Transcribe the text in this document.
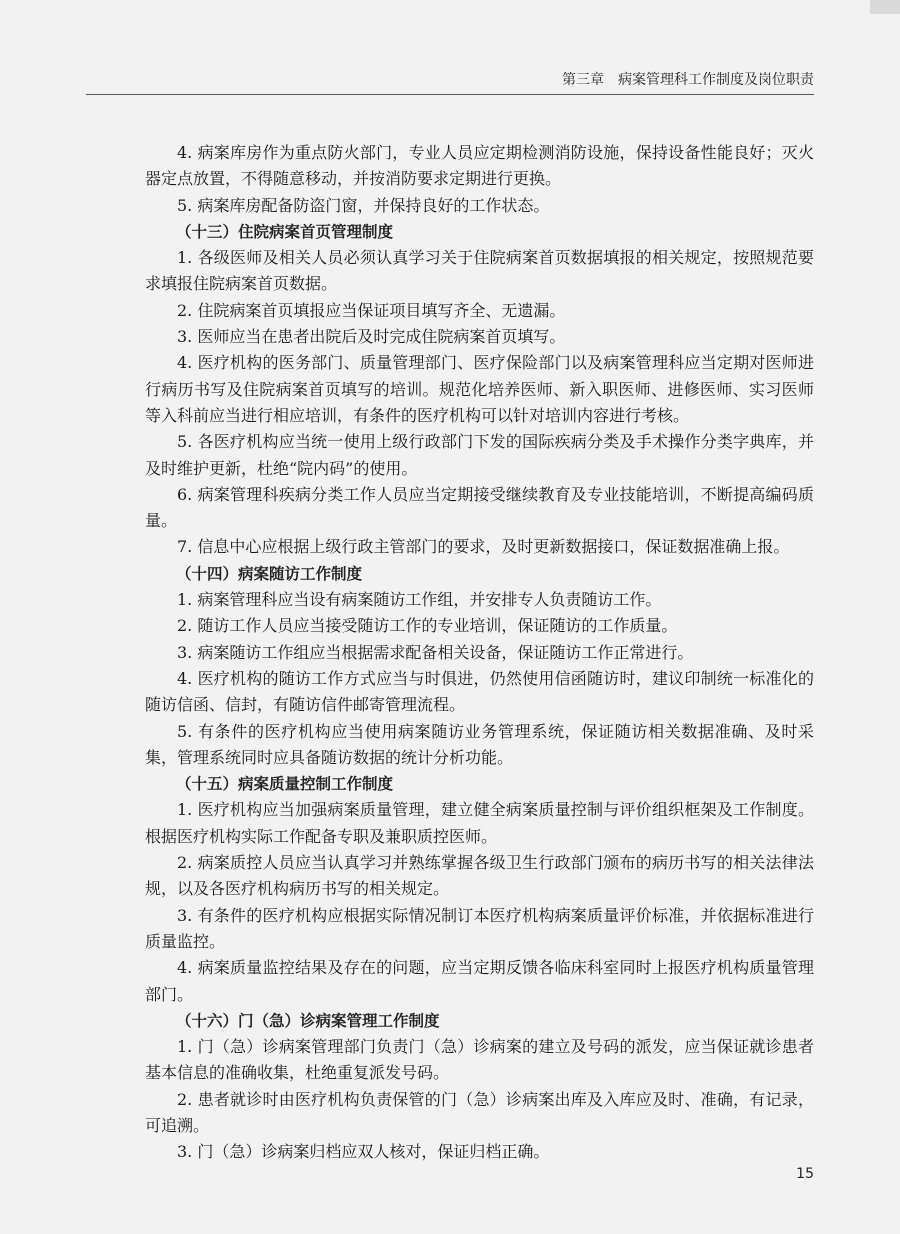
第三章 病案管理科工作制度及岗位职责

4. 病案库房作为重点防火部门，专业人员应定期检测消防设施，保持设备性能良好；灭火器定点放置，不得随意移动，并按消防要求定期进行更换。

5. 病案库房配备防盗门窗，并保持良好的工作状态。

（十三）住院病案首页管理制度

1. 各级医师及相关人员必须认真学习关于住院病案首页数据填报的相关规定，按照规范要求填报住院病案首页数据。

2. 住院病案首页填报应当保证项目填写齐全、无遗漏。

3. 医师应当在患者出院后及时完成住院病案首页填写。

4. 医疗机构的医务部门、质量管理部门、医疗保险部门以及病案管理科应当定期对医师进行病历书写及住院病案首页填写的培训。规范化培养医师、新入职医师、进修医师、实习医师等入科前应当进行相应培训，有条件的医疗机构可以针对培训内容进行考核。

5. 各医疗机构应当统一使用上级行政部门下发的国际疾病分类及手术操作分类字典库，并及时维护更新，杜绝“院内码”的使用。

6. 病案管理科疾病分类工作人员应当定期接受继续教育及专业技能培训，不断提高编码质量。

7. 信息中心应根据上级行政主管部门的要求，及时更新数据接口，保证数据准确上报。

（十四）病案随访工作制度

1. 病案管理科应当设有病案随访工作组，并安排专人负责随访工作。

2. 随访工作人员应当接受随访工作的专业培训，保证随访的工作质量。

3. 病案随访工作组应当根据需求配备相关设备，保证随访工作正常进行。

4. 医疗机构的随访工作方式应当与时俱进，仍然使用信函随访时，建议印制统一标准化的随访信函、信封，有随访信件邮寄管理流程。

5. 有条件的医疗机构应当使用病案随访业务管理系统，保证随访相关数据准确、及时采集，管理系统同时应具备随访数据的统计分析功能。

（十五）病案质量控制工作制度

1. 医疗机构应当加强病案质量管理，建立健全病案质量控制与评价组织框架及工作制度。根据医疗机构实际工作配备专职及兼职质控医师。

2. 病案质控人员应当认真学习并熟练掌握各级卫生行政部门颁布的病历书写的相关法律法规，以及各医疗机构病历书写的相关规定。

3. 有条件的医疗机构应根据实际情况制订本医疗机构病案质量评价标准，并依据标准进行质量监控。

4. 病案质量监控结果及存在的问题，应当定期反馈各临床科室同时上报医疗机构质量管理部门。

（十六）门（急）诊病案管理工作制度

1. 门（急）诊病案管理部门负责门（急）诊病案的建立及号码的派发，应当保证就诊患者基本信息的准确收集，杜绝重复派发号码。

2. 患者就诊时由医疗机构负责保管的门（急）诊病案出库及入库应及时、准确，有记录，可追溯。

3. 门（急）诊病案归档应双人核对，保证归档正确。

15
